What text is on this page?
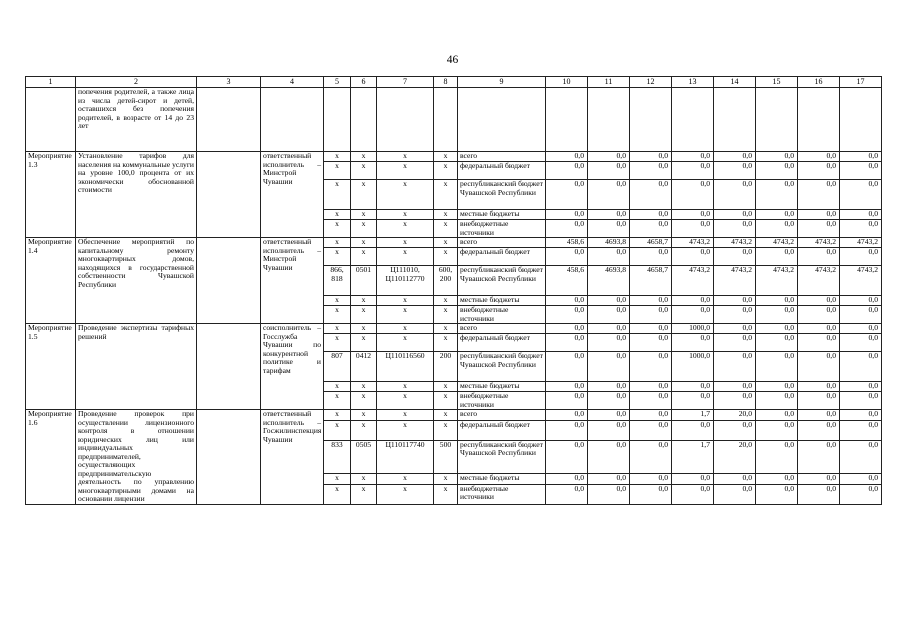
46
1	2	3	4	5	6	7	8	9	10	11	12	13	14	15	16	17
	попечения родителей, а также лица из числа детей-сирот и детей, оставшихся без попечения родителей, в возрасте от 14 до 23 лет															
Мероприятие 1.3	Установление тарифов для населения на коммунальные услуги на уровне 100,0 процента от их экономически обоснованной стоимости		ответственный исполнитель – Минстрой Чувашии	x	x	x	x	всего	0,0	0,0	0,0	0,0	0,0	0,0	0,0	0,0
				x	x	x	x	федеральный бюджет	0,0	0,0	0,0	0,0	0,0	0,0	0,0	0,0
				x	x	x	x	республиканский бюджет Чувашской Республики	0,0	0,0	0,0	0,0	0,0	0,0	0,0	0,0
				x	x	x	x	местные бюджеты	0,0	0,0	0,0	0,0	0,0	0,0	0,0	0,0
				x	x	x	x	внебюджетные источники	0,0	0,0	0,0	0,0	0,0	0,0	0,0	0,0
Мероприятие 1.4	Обеспечение мероприятий по капитальному ремонту многоквартирных домов, находящихся в государственной собственности Чувашской Республики		ответственный исполнитель – Минстрой Чувашии	x	x	x	x	всего	458,6	4693,8	4658,7	4743,2	4743,2	4743,2	4743,2	4743,2
				x	x	x	x	федеральный бюджет	0,0	0,0	0,0	0,0	0,0	0,0	0,0	0,0
				866, 818	0501	Ц111010, Ц110112770	600, 200	республиканский бюджет Чувашской Республики	458,6	4693,8	4658,7	4743,2	4743,2	4743,2	4743,2	4743,2
				x	x	x	x	местные бюджеты	0,0	0,0	0,0	0,0	0,0	0,0	0,0	0,0
				x	x	x	x	внебюджетные источники	0,0	0,0	0,0	0,0	0,0	0,0	0,0	0,0
Мероприятие 1.5	Проведение экспертизы тарифных решений		соисполнитель – Госслужба Чувашии по конкурентной политике и тарифам	x	x	x	x	всего	0,0	0,0	0,0	1000,0	0,0	0,0	0,0	0,0
				x	x	x	x	федеральный бюджет	0,0	0,0	0,0	0,0	0,0	0,0	0,0	0,0
				807	0412	Ц110116560	200	республиканский бюджет Чувашской Республики	0,0	0,0	0,0	1000,0	0,0	0,0	0,0	0,0
				x	x	x	x	местные бюджеты	0,0	0,0	0,0	0,0	0,0	0,0	0,0	0,0
				x	x	x	x	внебюджетные источники	0,0	0,0	0,0	0,0	0,0	0,0	0,0	0,0
Мероприятие 1.6	Проведение проверок при осуществлении лицензионного контроля в отношении юридических лиц или индивидуальных предпринимателей, осуществляющих предпринимательскую деятельность по управлению многоквартирными домами на основании лицензии		ответственный исполнитель – Госжилинспекция Чувашии	x	x	x	x	всего	0,0	0,0	0,0	1,7	20,0	0,0	0,0	0,0
				x	x	x	x	федеральный бюджет	0,0	0,0	0,0	0,0	0,0	0,0	0,0	0,0
				833	0505	Ц110117740	500	республиканский бюджет Чувашской Республики	0,0	0,0	0,0	1,7	20,0	0,0	0,0	0,0
				x	x	x	x	местные бюджеты	0,0	0,0	0,0	0,0	0,0	0,0	0,0	0,0
				x	x	x	x	внебюджетные источники	0,0	0,0	0,0	0,0	0,0	0,0	0,0	0,0
